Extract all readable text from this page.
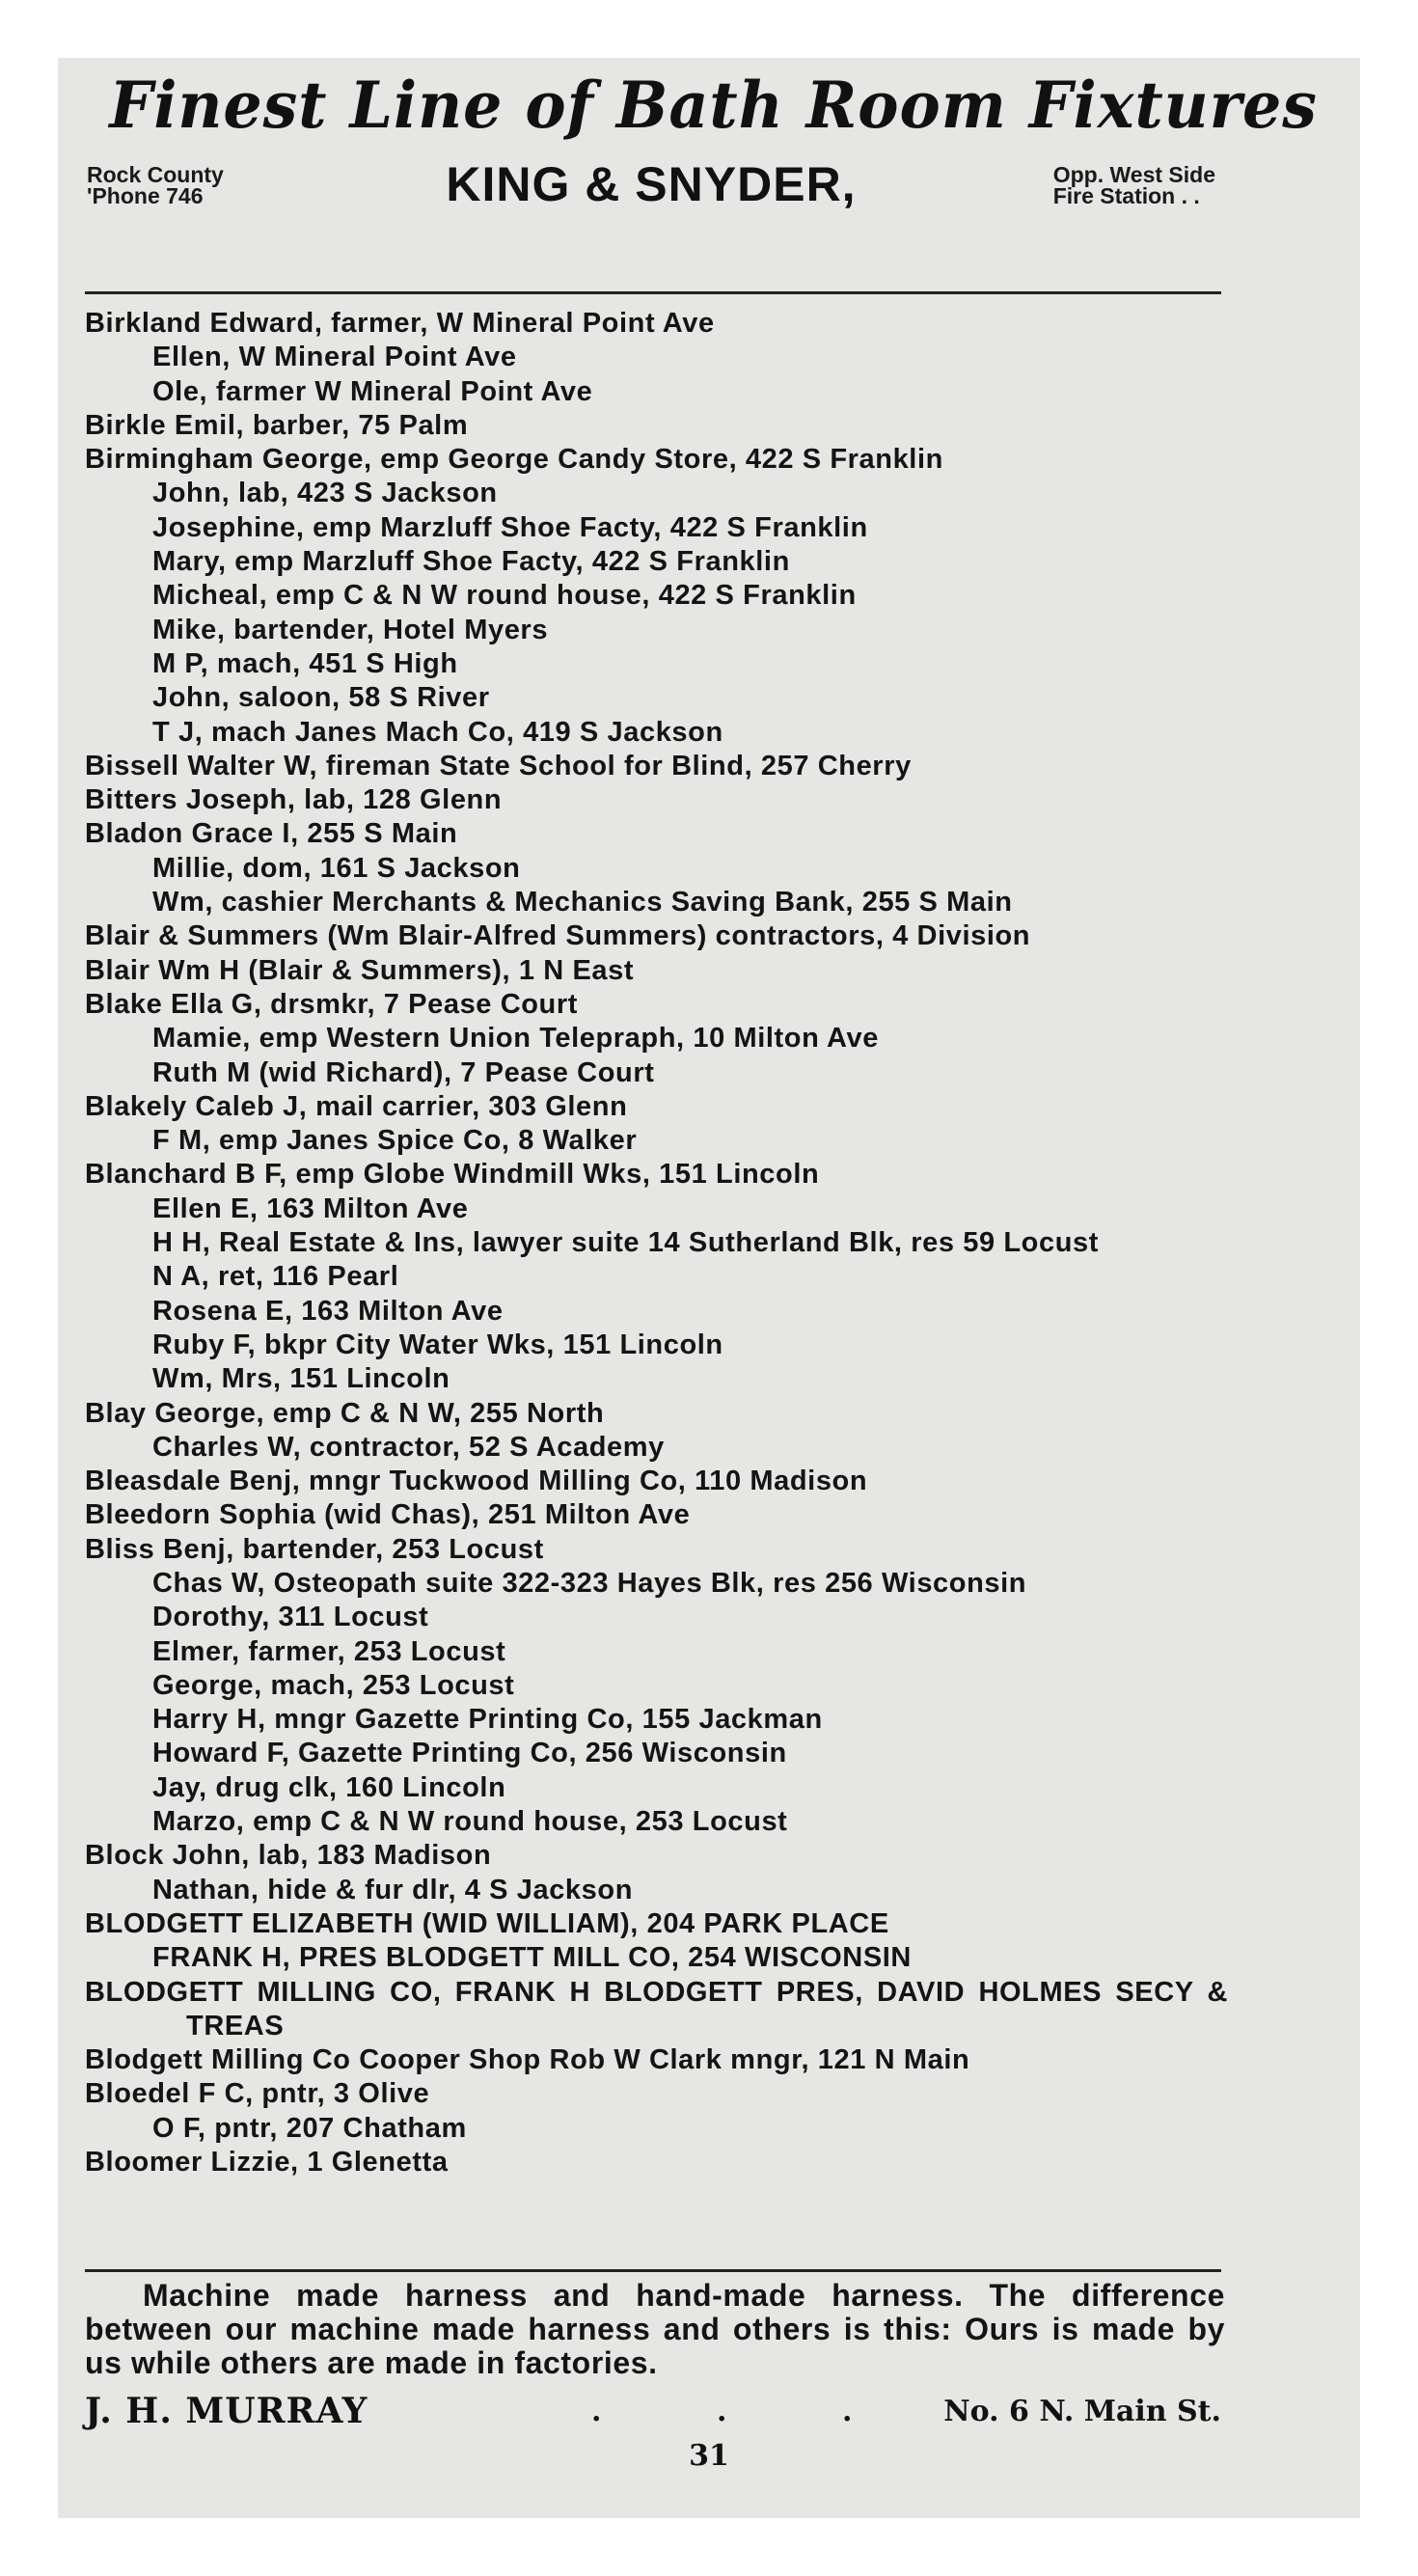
Finest Line of Bath Room Fixtures
Rock County
'Phone 746	KING & SNYDER,	Opp. West Side
Fire Station . .
Birkland Edward, farmer, W Mineral Point Ave
Ellen, W Mineral Point Ave
Ole, farmer W Mineral Point Ave
Birkle Emil, barber, 75 Palm
Birmingham George, emp George Candy Store, 422 S Franklin
John, lab, 423 S Jackson
Josephine, emp Marzluff Shoe Facty, 422 S Franklin
Mary, emp Marzluff Shoe Facty, 422 S Franklin
Micheal, emp C & N W round house, 422 S Franklin
Mike, bartender, Hotel Myers
M P, mach, 451 S High
John, saloon, 58 S River
T J, mach Janes Mach Co, 419 S Jackson
Bissell Walter W, fireman State School for Blind, 257 Cherry
Bitters Joseph, lab, 128 Glenn
Bladon Grace I, 255 S Main
Millie, dom, 161 S Jackson
Wm, cashier Merchants & Mechanics Saving Bank, 255 S Main
Blair & Summers (Wm Blair-Alfred Summers) contractors, 4 Division
Blair Wm H (Blair & Summers), 1 N East
Blake Ella G, drsmkr, 7 Pease Court
Mamie, emp Western Union Telepraph, 10 Milton Ave
Ruth M (wid Richard), 7 Pease Court
Blakely Caleb J, mail carrier, 303 Glenn
F M, emp Janes Spice Co, 8 Walker
Blanchard B F, emp Globe Windmill Wks, 151 Lincoln
Ellen E, 163 Milton Ave
H H, Real Estate & Ins, lawyer suite 14 Sutherland Blk, res 59 Locust
N A, ret, 116 Pearl
Rosena E, 163 Milton Ave
Ruby F, bkpr City Water Wks, 151 Lincoln
Wm, Mrs, 151 Lincoln
Blay George, emp C & N W, 255 North
Charles W, contractor, 52 S Academy
Bleasdale Benj, mngr Tuckwood Milling Co, 110 Madison
Bleedorn Sophia (wid Chas), 251 Milton Ave
Bliss Benj, bartender, 253 Locust
Chas W, Osteopath suite 322-323 Hayes Blk, res 256 Wisconsin
Dorothy, 311 Locust
Elmer, farmer, 253 Locust
George, mach, 253 Locust
Harry H, mngr Gazette Printing Co, 155 Jackman
Howard F, Gazette Printing Co, 256 Wisconsin
Jay, drug clk, 160 Lincoln
Marzo, emp C & N W round house, 253 Locust
Block John, lab, 183 Madison
Nathan, hide & fur dlr, 4 S Jackson
BLODGETT ELIZABETH (WID WILLIAM), 204 PARK PLACE
FRANK H, PRES BLODGETT MILL CO, 254 WISCONSIN
BLODGETT MILLING CO, FRANK H BLODGETT PRES, DAVID HOLMES SECY & TREAS
Blodgett Milling Co Cooper Shop Rob W Clark mngr, 121 N Main
Bloedel F C, pntr, 3 Olive
O F, pntr, 207 Chatham
Bloomer Lizzie, 1 Glenetta
Machine made harness and hand-made harness. The difference between our machine made harness and others is this: Ours is made by us while others are made in factories.
J. H. MURRAY	.	.	.	No. 6 N. Main St.
31
